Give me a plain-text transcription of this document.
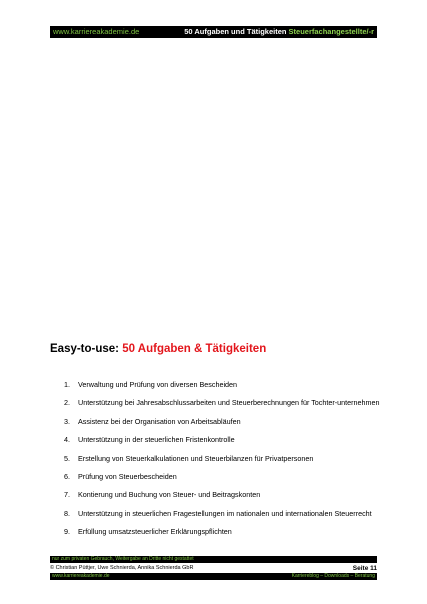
www.karriereakademie.de	50 Aufgaben und Tätigkeiten Steuerfachangestellte/-r
Easy-to-use: 50 Aufgaben & Tätigkeiten
1.	Verwaltung und Prüfung von diversen Bescheiden
2.	Unterstützung bei Jahresabschlussarbeiten und Steuerberechnungen für Tochter-unternehmen
3.	Assistenz bei der Organisation von Arbeitsabläufen
4.	Unterstützung in der steuerlichen Fristenkontrolle
5.	Erstellung von Steuerkalkulationen und Steuerbilanzen für Privatpersonen
6.	Prüfung von Steuerbescheiden
7.	Kontierung und Buchung von Steuer- und Beitragskonten
8.	Unterstützung in steuerlichen Fragestellungen im nationalen und internationalen Steuerrecht
9.	Erfüllung umsatzsteuerlicher Erklärungspflichten
nur zum privaten Gebrauch, Weitergabe an Dritte nicht gestattet
© Christian Püttjer, Uwe Schnierda, Annika Schnierda GbR	Seite 11
www.karriereakademie.de	Karriereblog – Downloads – Beratung
